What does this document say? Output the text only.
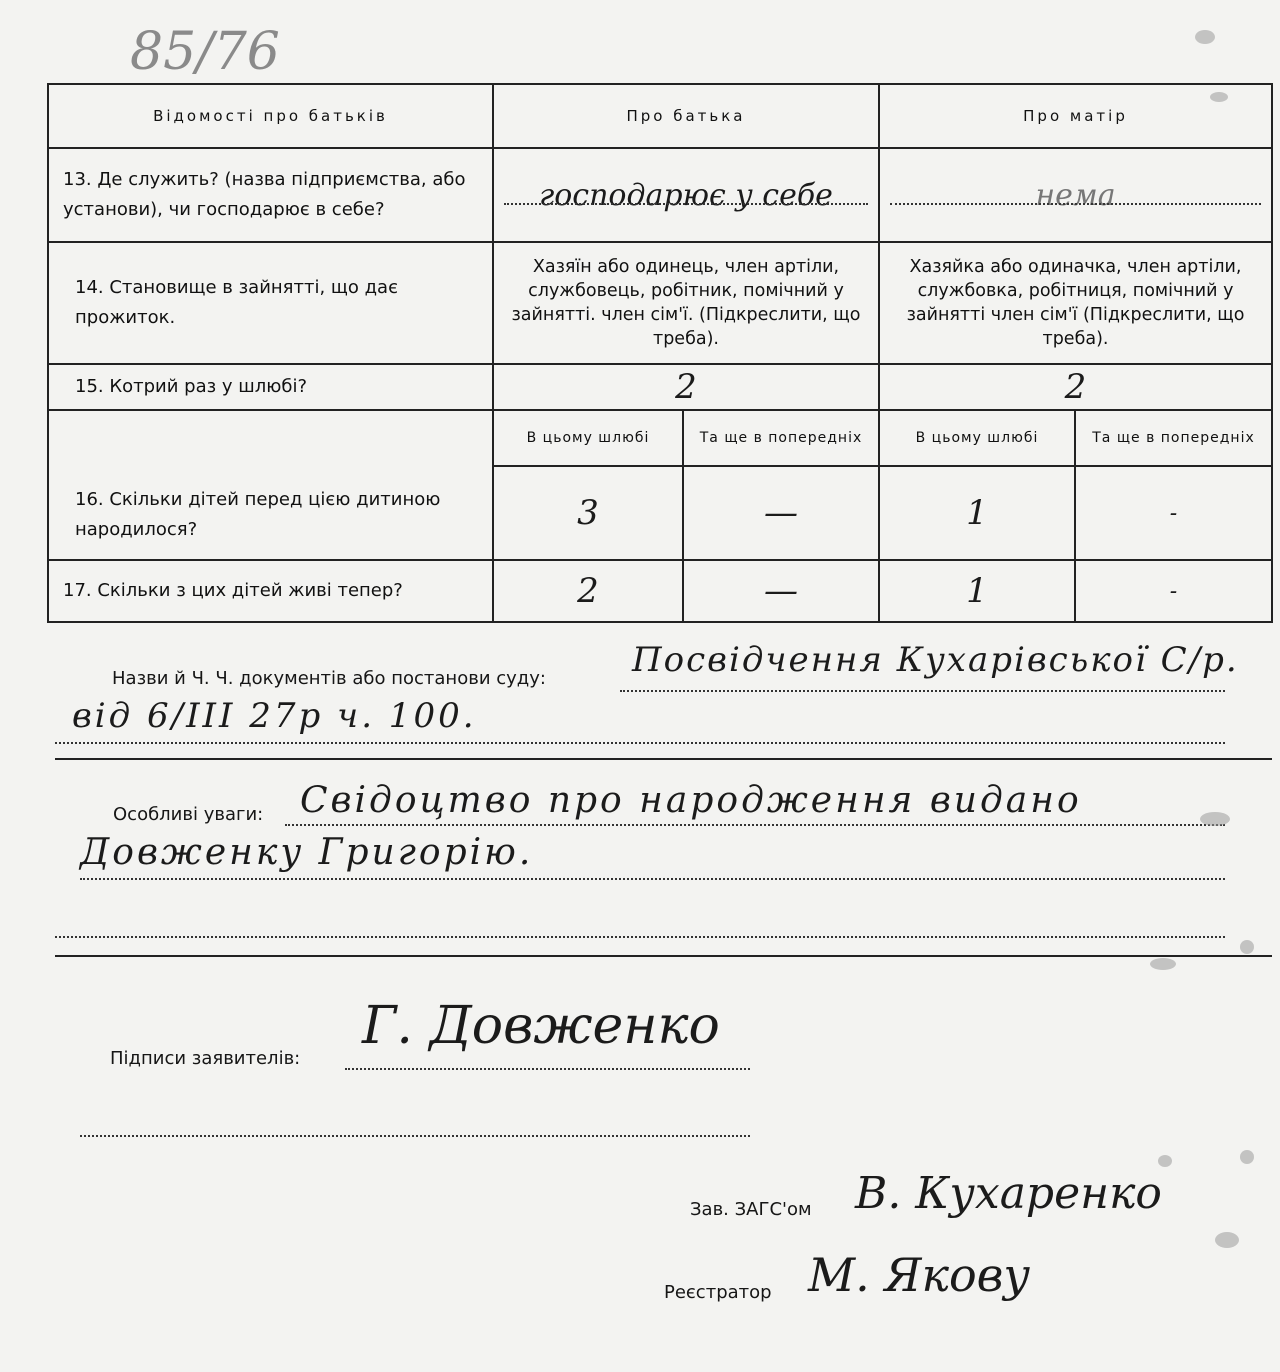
85/76
Відомості про батьків	Про батька		Про матір	
13. Де служить? (назва підприємства, або установи), чи господарює в себе?	господарює у себе		нема	

14. Становище в зайнятті, що дає прожиток.	Хазяїн або одинець, член артіли, службовець, робітник, помічний у зайнятті. член сім'ї. (Підкреслити, що треба).		Хазяйка або одиначка, член артіли, службовка, робітниця, помічний у зайнятті член сім'ї (Підкреслити, що треба).	
15. Котрий раз у шлюбі?	2		2	
16. Скільки дітей перед цією дитиною народилося?	В цьому шлюбі	Та ще в попередніх	В цьому шлюбі	Та ще в попередніх
	3	—	1	-
17. Скільки з цих дітей живі тепер?	2	—	1	-
Назви й Ч. Ч. документів або постанови суду:	Посвідчення Кухарівської С/р.
від 6/III 27р ч. 100.
Особливі уваги: Свідоцтво про народження видано
Довженку Григорію.
Підписи заявителів:
Г. Довженко
Зав. ЗАГС'ом В. Кухаренко
Реєстратор М. Якову
